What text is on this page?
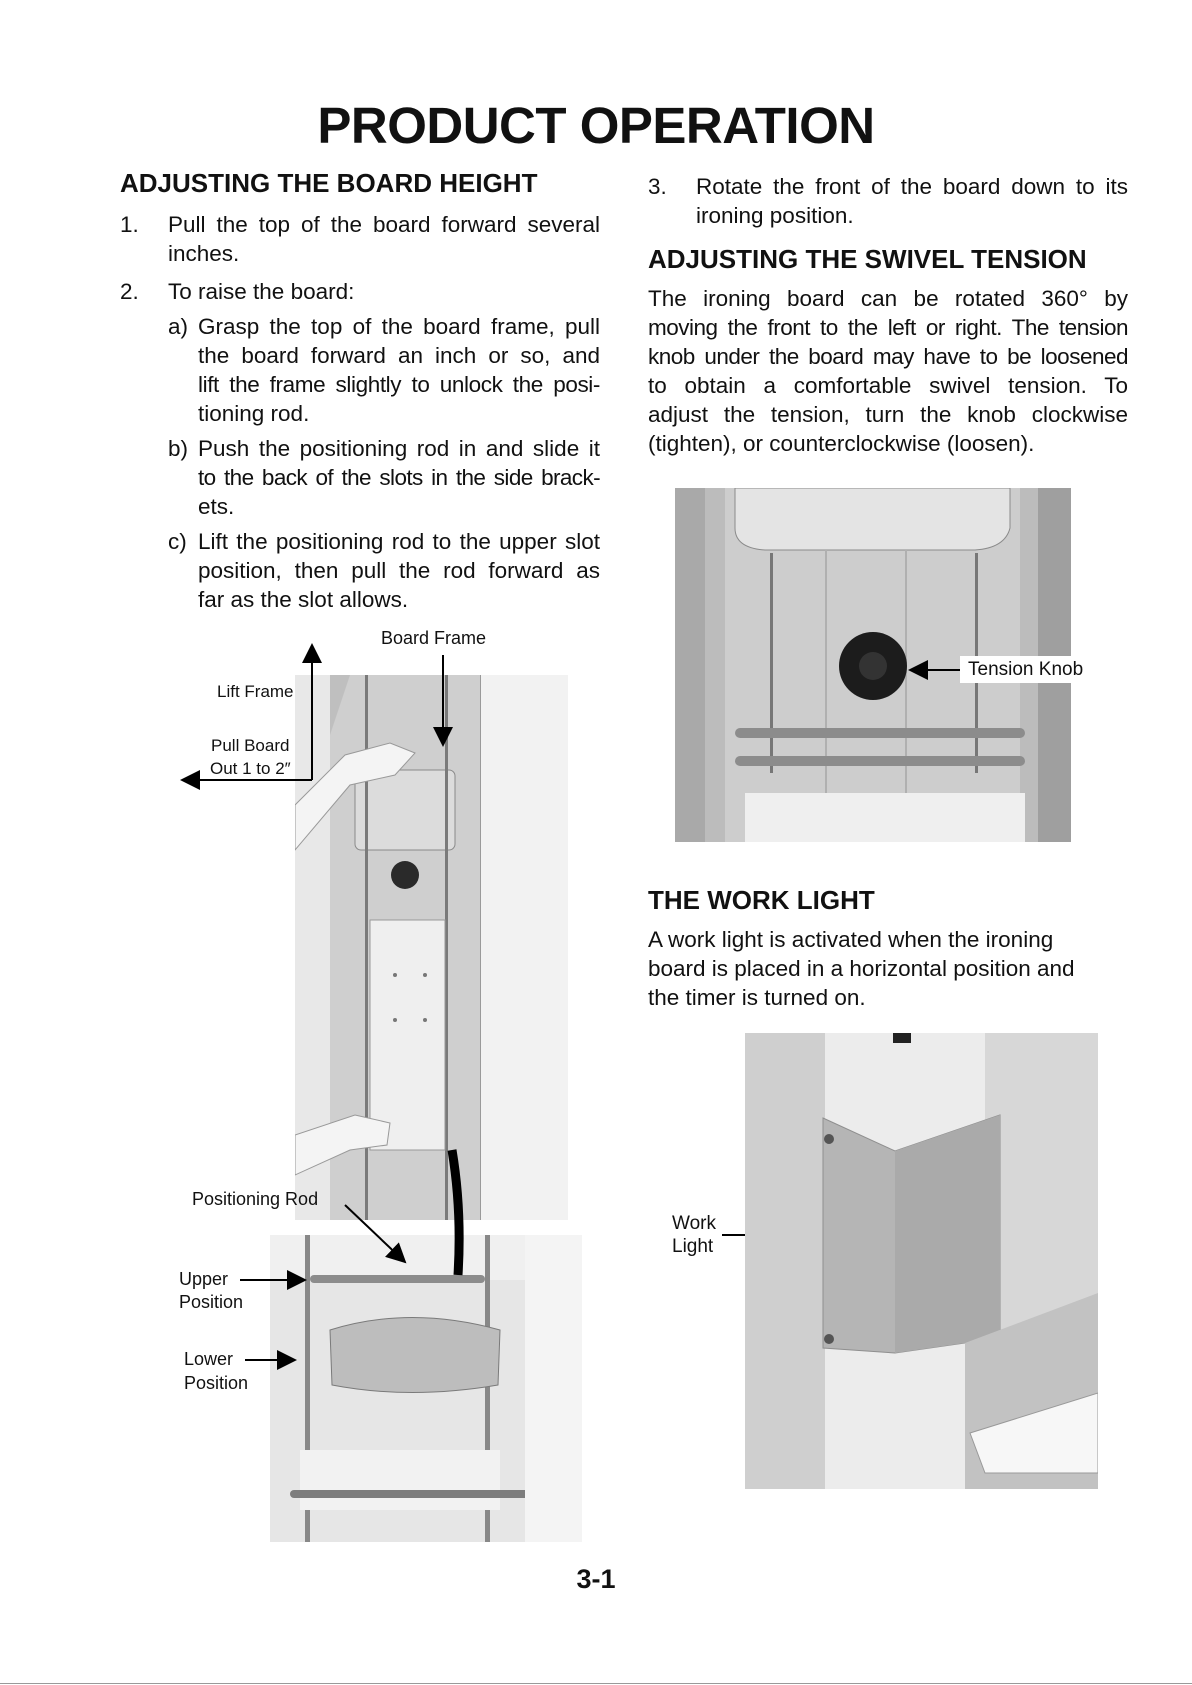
PRODUCT OPERATION
ADJUSTING THE BOARD HEIGHT
1. Pull the top of the board forward several
inches.
2. To raise the board:
a) Grasp the top of the board frame, pull
the board forward an inch or so, and
lift the frame slightly to unlock the posi-
tioning rod.
b) Push the positioning rod in and slide it
to the back of the slots in the side brack-
ets.
c) Lift the positioning rod to the upper slot
position, then pull the rod forward as
far as the slot allows.
Board Frame
Lift Frame
Pull Board
Out 1 to 2″
Positioning Rod
Upper
Position
Lower
Position
3. Rotate the front of the board down to its
ironing position.
ADJUSTING THE SWIVEL TENSION
The ironing board can be rotated 360° by
moving the front to the left or right. The tension
knob under the board may have to be loosened
to obtain a comfortable swivel tension. To
adjust the tension, turn the knob clockwise
(tighten), or counterclockwise (loosen).
Tension Knob
THE WORK LIGHT
A work light is activated when the ironing
board is placed in a horizontal position and
the timer is turned on.
Work
Light
3-1
